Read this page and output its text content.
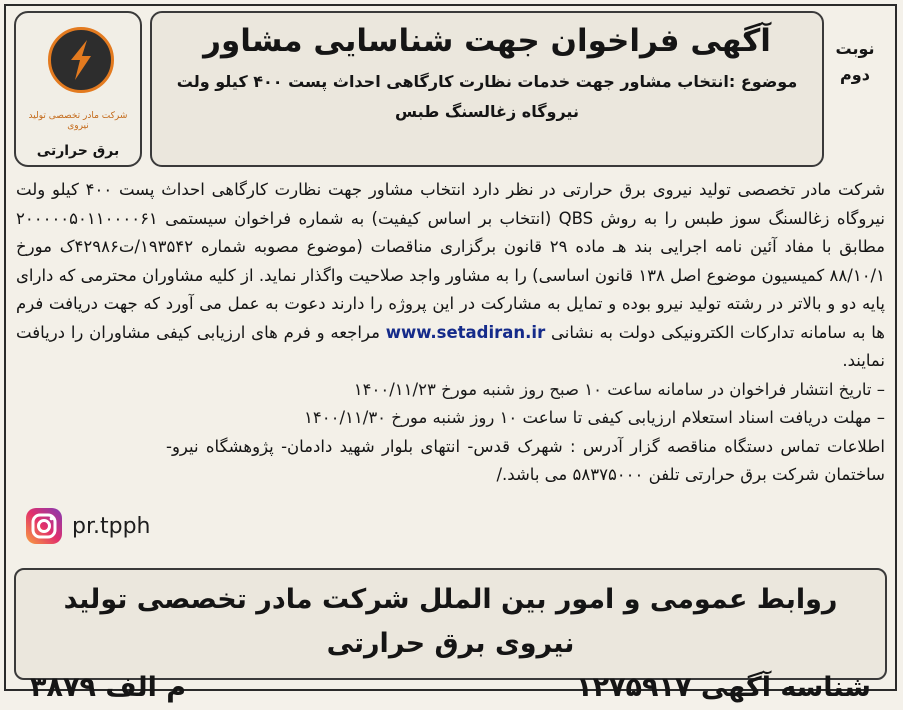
شرکت مادر تخصصی تولید نیروی
برق حرارتی
آگهی فراخوان جهت شناسایی مشاور
موضوع :انتخاب مشاور جهت خدمات نظارت کارگاهی احداث پست ۴۰۰ کیلو ولت
نیروگاه زغالسنگ طبس
نوبت
دوم

شرکت مادر تخصصی تولید نیروی برق حرارتی در نظر دارد انتخاب مشاور جهت نظارت کارگاهی احداث پست ۴۰۰ کیلو ولت نیروگاه زغالسنگ سوز طبس را به روش QBS (انتخاب بر اساس کیفیت) به شماره فراخوان سیستمی ۲۰۰۰۰۰۵۰۱۱۰۰۰۰۶۱ مطابق با مفاد آئین نامه اجرایی بند هـ ماده ۲۹ قانون برگزاری مناقصات (موضوع مصوبه شماره ۱۹۳۵۴۲/ت۴۲۹۸۶ک مورخ ۸۸/۱۰/۱ کمیسیون موضوع اصل ۱۳۸ قانون اساسی) را به مشاور واجد صلاحیت واگذار نماید. از کلیه مشاوران محترمی که دارای پایه دو و بالاتر در رشته تولید نیرو بوده و تمایل به مشارکت در این پروژه را دارند دعوت به عمل می آورد که جهت دریافت فرم ها به سامانه تدارکات الکترونیکی دولت به نشانی www.setadiran.ir مراجعه و فرم های ارزیابی کیفی مشاوران را دریافت نمایند.

– تاریخ انتشار فراخوان در سامانه ساعت ۱۰ صبح روز شنبه مورخ ۱۴۰۰/۱۱/۲۳

– مهلت دریافت اسناد استعلام ارزیابی کیفی تا ساعت ۱۰ روز شنبه مورخ ۱۴۰۰/۱۱/۳۰

اطلاعات تماس دستگاه مناقصه گزار آدرس : شهرک قدس- انتهای بلوار شهید دادمان- پژوهشگاه نیرو- ساختمان شرکت برق حرارتی تلفن ۵۸۳۷۵۰۰۰ می باشد./

pr.tpph
روابط عمومی و امور بین الملل شرکت مادر تخصصی تولید نیروی برق حرارتی
شناسه آگهی ۱۲۷۵۹۱۷
م الف ۳۸۷۹
